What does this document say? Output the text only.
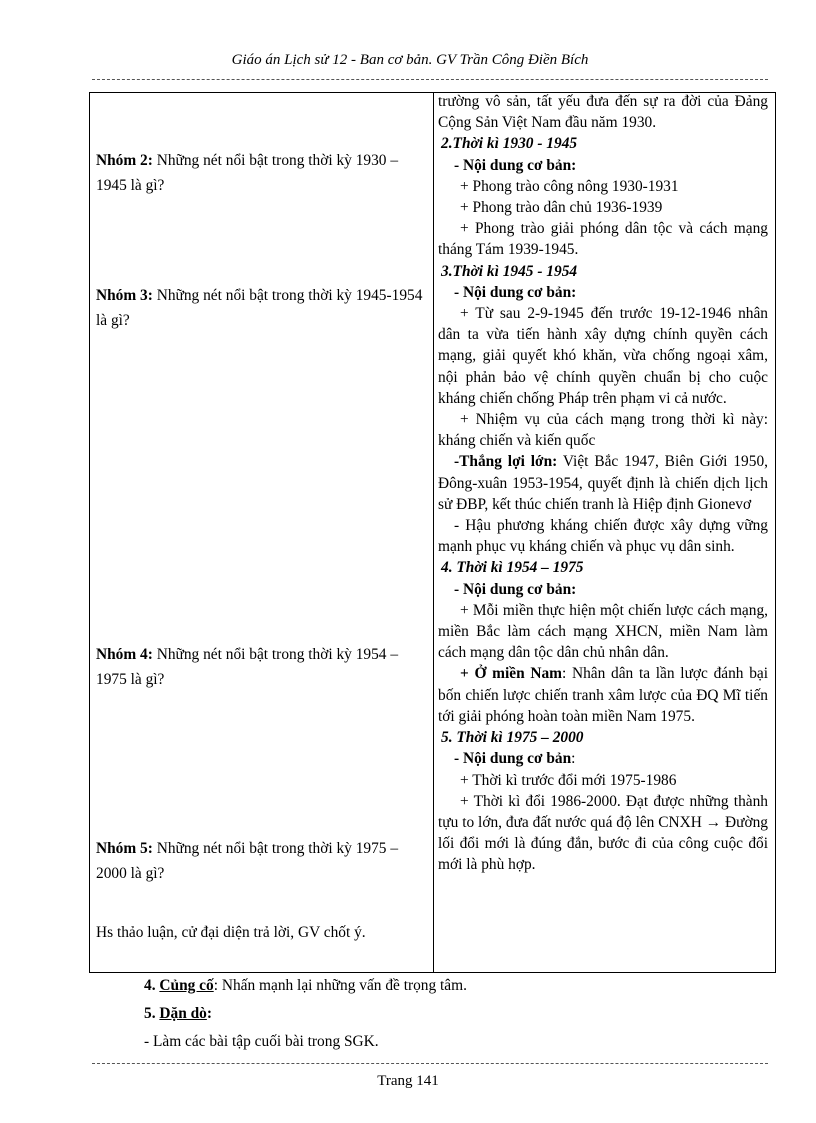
Giáo án Lịch sử 12 - Ban cơ bản. GV Trần Công Điền Bích
Nhóm 2: Những nét nổi bật trong thời kỳ 1930 – 1945 là gì?
Nhóm 3: Những nét nổi bật trong thời kỳ 1945-1954 là gì?
Nhóm 4: Những nét nổi bật trong thời kỳ 1954 – 1975 là gì?
Nhóm 5: Những nét nổi bật trong thời kỳ 1975 – 2000 là gì?
Hs thảo luận, cử đại diện trả lời, GV chốt ý.

trường vô sản, tất yếu đưa đến sự ra đời của Đảng Cộng Sản Việt Nam đầu năm 1930.

2.Thời kì 1930 - 1945

- Nội dung cơ bản:

+ Phong trào công nông 1930-1931

+ Phong trào dân chủ 1936-1939

+ Phong trào giải phóng dân tộc và cách mạng tháng Tám 1939-1945.

3.Thời kì 1945 - 1954

- Nội dung cơ bản:

+ Từ sau 2-9-1945 đến trước 19-12-1946 nhân dân ta vừa tiến hành xây dựng chính quyền cách mạng, giải quyết khó khăn, vừa chống ngoại xâm, nội phản bảo vệ chính quyền chuẩn bị cho cuộc kháng chiến chống Pháp trên phạm vi cả nước.

+ Nhiệm vụ của cách mạng trong thời kì này: kháng chiến và kiến quốc

-Thắng lợi lớn: Việt Bắc 1947, Biên Giới 1950, Đông-xuân 1953-1954, quyết định là chiến dịch lịch sử ĐBP, kết thúc chiến tranh là Hiệp định Gionevơ

- Hậu phương kháng chiến được xây dựng vững mạnh phục vụ kháng chiến và phục vụ dân sinh.

4. Thời kì 1954 – 1975

- Nội dung cơ bản:

+ Mỗi miền thực hiện một chiến lược cách mạng, miền Bắc làm cách mạng XHCN, miền Nam làm cách mạng dân tộc dân chủ nhân dân.

+ Ở miền Nam: Nhân dân ta lần lược đánh bại bốn chiến lược chiến tranh xâm lược của ĐQ Mĩ tiến tới giải phóng hoàn toàn miền Nam 1975.

5. Thời kì 1975 – 2000

- Nội dung cơ bản:

+ Thời kì trước đổi mới 1975-1986

+ Thời kì đổi 1986-2000. Đạt được những thành tựu to lớn, đưa đất nước quá độ lên CNXH → Đường lối đổi mới là đúng đắn, bước đi của công cuộc đổi mới là phù hợp.

4. Củng cố: Nhấn mạnh lại những vấn đề trọng tâm.
5. Dặn dò:
- Làm các bài tập cuối bài trong SGK.
Trang 141
